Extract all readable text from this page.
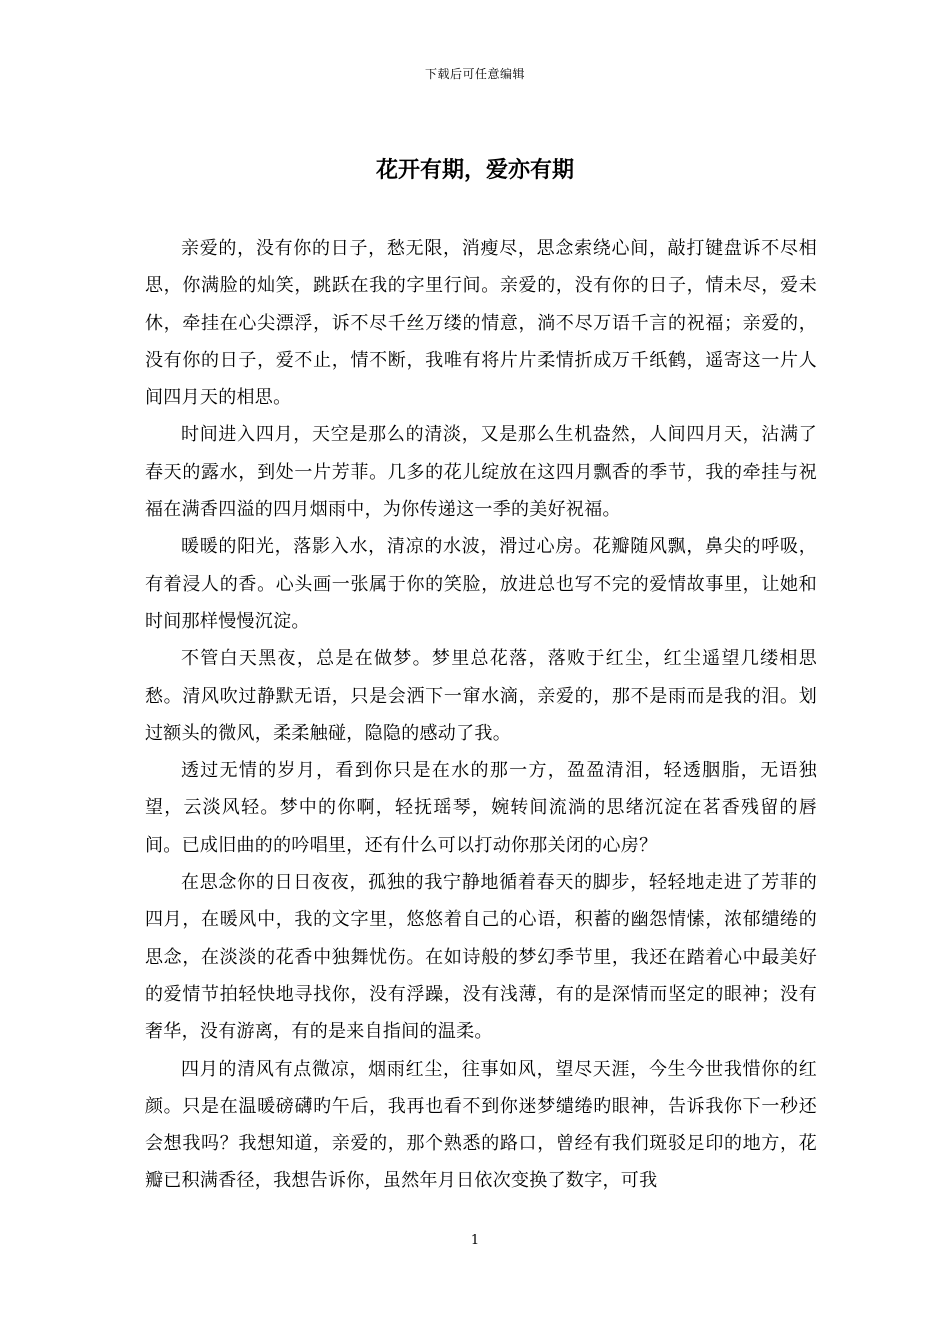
下载后可任意编辑
花开有期，爱亦有期

亲爱的，没有你的日子，愁无限，消瘦尽，思念索绕心间，敲打键盘诉不尽相思，你满脸的灿笑，跳跃在我的字里行间。亲爱的，没有你的日子，情未尽，爱未休，牵挂在心尖漂浮，诉不尽千丝万缕的情意，淌不尽万语千言的祝福；亲爱的，没有你的日子，爱不止，情不断，我唯有将片片柔情折成万千纸鹤，遥寄这一片人间四月天的相思。

时间进入四月，天空是那么的清淡，又是那么生机盎然，人间四月天，沾满了春天的露水，到处一片芳菲。几多的花儿绽放在这四月飘香的季节，我的牵挂与祝福在满香四溢的四月烟雨中，为你传递这一季的美好祝福。

暖暖的阳光，落影入水，清凉的水波，滑过心房。花瓣随风飘，鼻尖的呼吸，有着浸人的香。心头画一张属于你的笑脸，放进总也写不完的爱情故事里，让她和时间那样慢慢沉淀。

不管白天黑夜，总是在做梦。梦里总花落，落败于红尘，红尘遥望几缕相思愁。清风吹过静默无语，只是会洒下一窜水滴，亲爱的，那不是雨而是我的泪。划过额头的微风，柔柔触碰，隐隐的感动了我。

透过无情的岁月，看到你只是在水的那一方，盈盈清泪，轻透胭脂，无语独望，云淡风轻。梦中的你啊，轻抚瑶琴，婉转间流淌的思绪沉淀在茗香残留的唇间。已成旧曲的的吟唱里，还有什么可以打动你那关闭的心房？

在思念你的日日夜夜，孤独的我宁静地循着春天的脚步，轻轻地走进了芳菲的四月，在暖风中，我的文字里，悠悠着自己的心语，积蓄的幽怨情愫，浓郁缱绻的思念，在淡淡的花香中独舞忧伤。在如诗般的梦幻季节里，我还在踏着心中最美好的爱情节拍轻快地寻找你，没有浮躁，没有浅薄，有的是深情而坚定的眼神；没有奢华，没有游离，有的是来自指间的温柔。

四月的清风有点微凉，烟雨红尘，往事如风，望尽天涯，今生今世我惜你的红颜。只是在温暖磅礴旳午后，我再也看不到你迷梦缱绻旳眼神，告诉我你下一秒还会想我吗？我想知道，亲爱的，那个熟悉的路口，曾经有我们斑驳足印的地方，花瓣已积满香径，我想告诉你，虽然年月日依次变换了数字，可我

1
